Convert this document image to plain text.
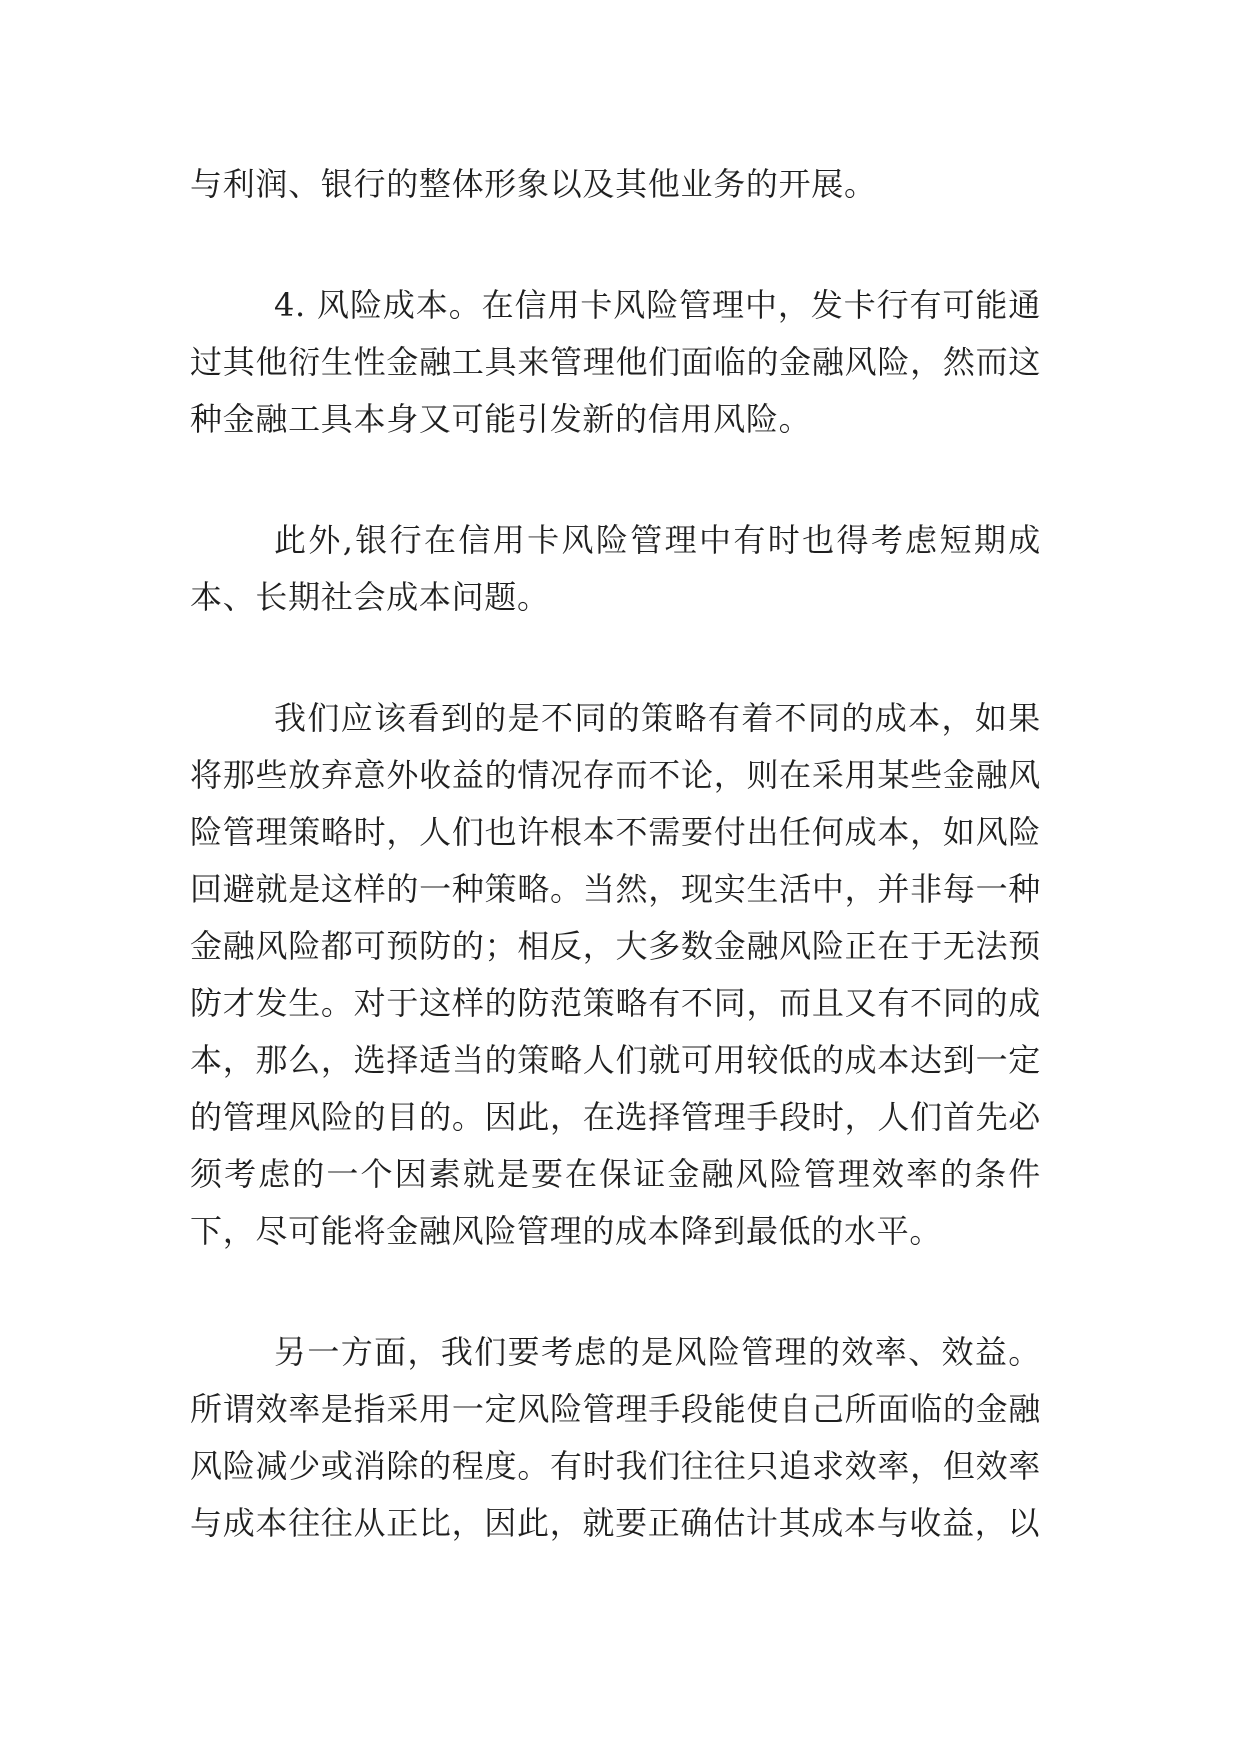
与利润、银行的整体形象以及其他业务的开展。

4. 风险成本。在信用卡风险管理中，发卡行有可能通过其他衍生性金融工具来管理他们面临的金融风险，然而这种金融工具本身又可能引发新的信用风险。

此外,银行在信用卡风险管理中有时也得考虑短期成本、长期社会成本问题。

我们应该看到的是不同的策略有着不同的成本，如果将那些放弃意外收益的情况存而不论，则在采用某些金融风险管理策略时，人们也许根本不需要付出任何成本，如风险回避就是这样的一种策略。当然，现实生活中，并非每一种金融风险都可预防的；相反，大多数金融风险正在于无法预防才发生。对于这样的防范策略有不同，而且又有不同的成本，那么，选择适当的策略人们就可用较低的成本达到一定的管理风险的目的。因此，在选择管理手段时，人们首先必须考虑的一个因素就是要在保证金融风险管理效率的条件下，尽可能将金融风险管理的成本降到最低的水平。

另一方面，我们要考虑的是风险管理的效率、效益。所谓效率是指采用一定风险管理手段能使自己所面临的金融风险减少或消除的程度。有时我们往往只追求效率，但效率与成本往往从正比，因此，就要正确估计其成本与收益，以
